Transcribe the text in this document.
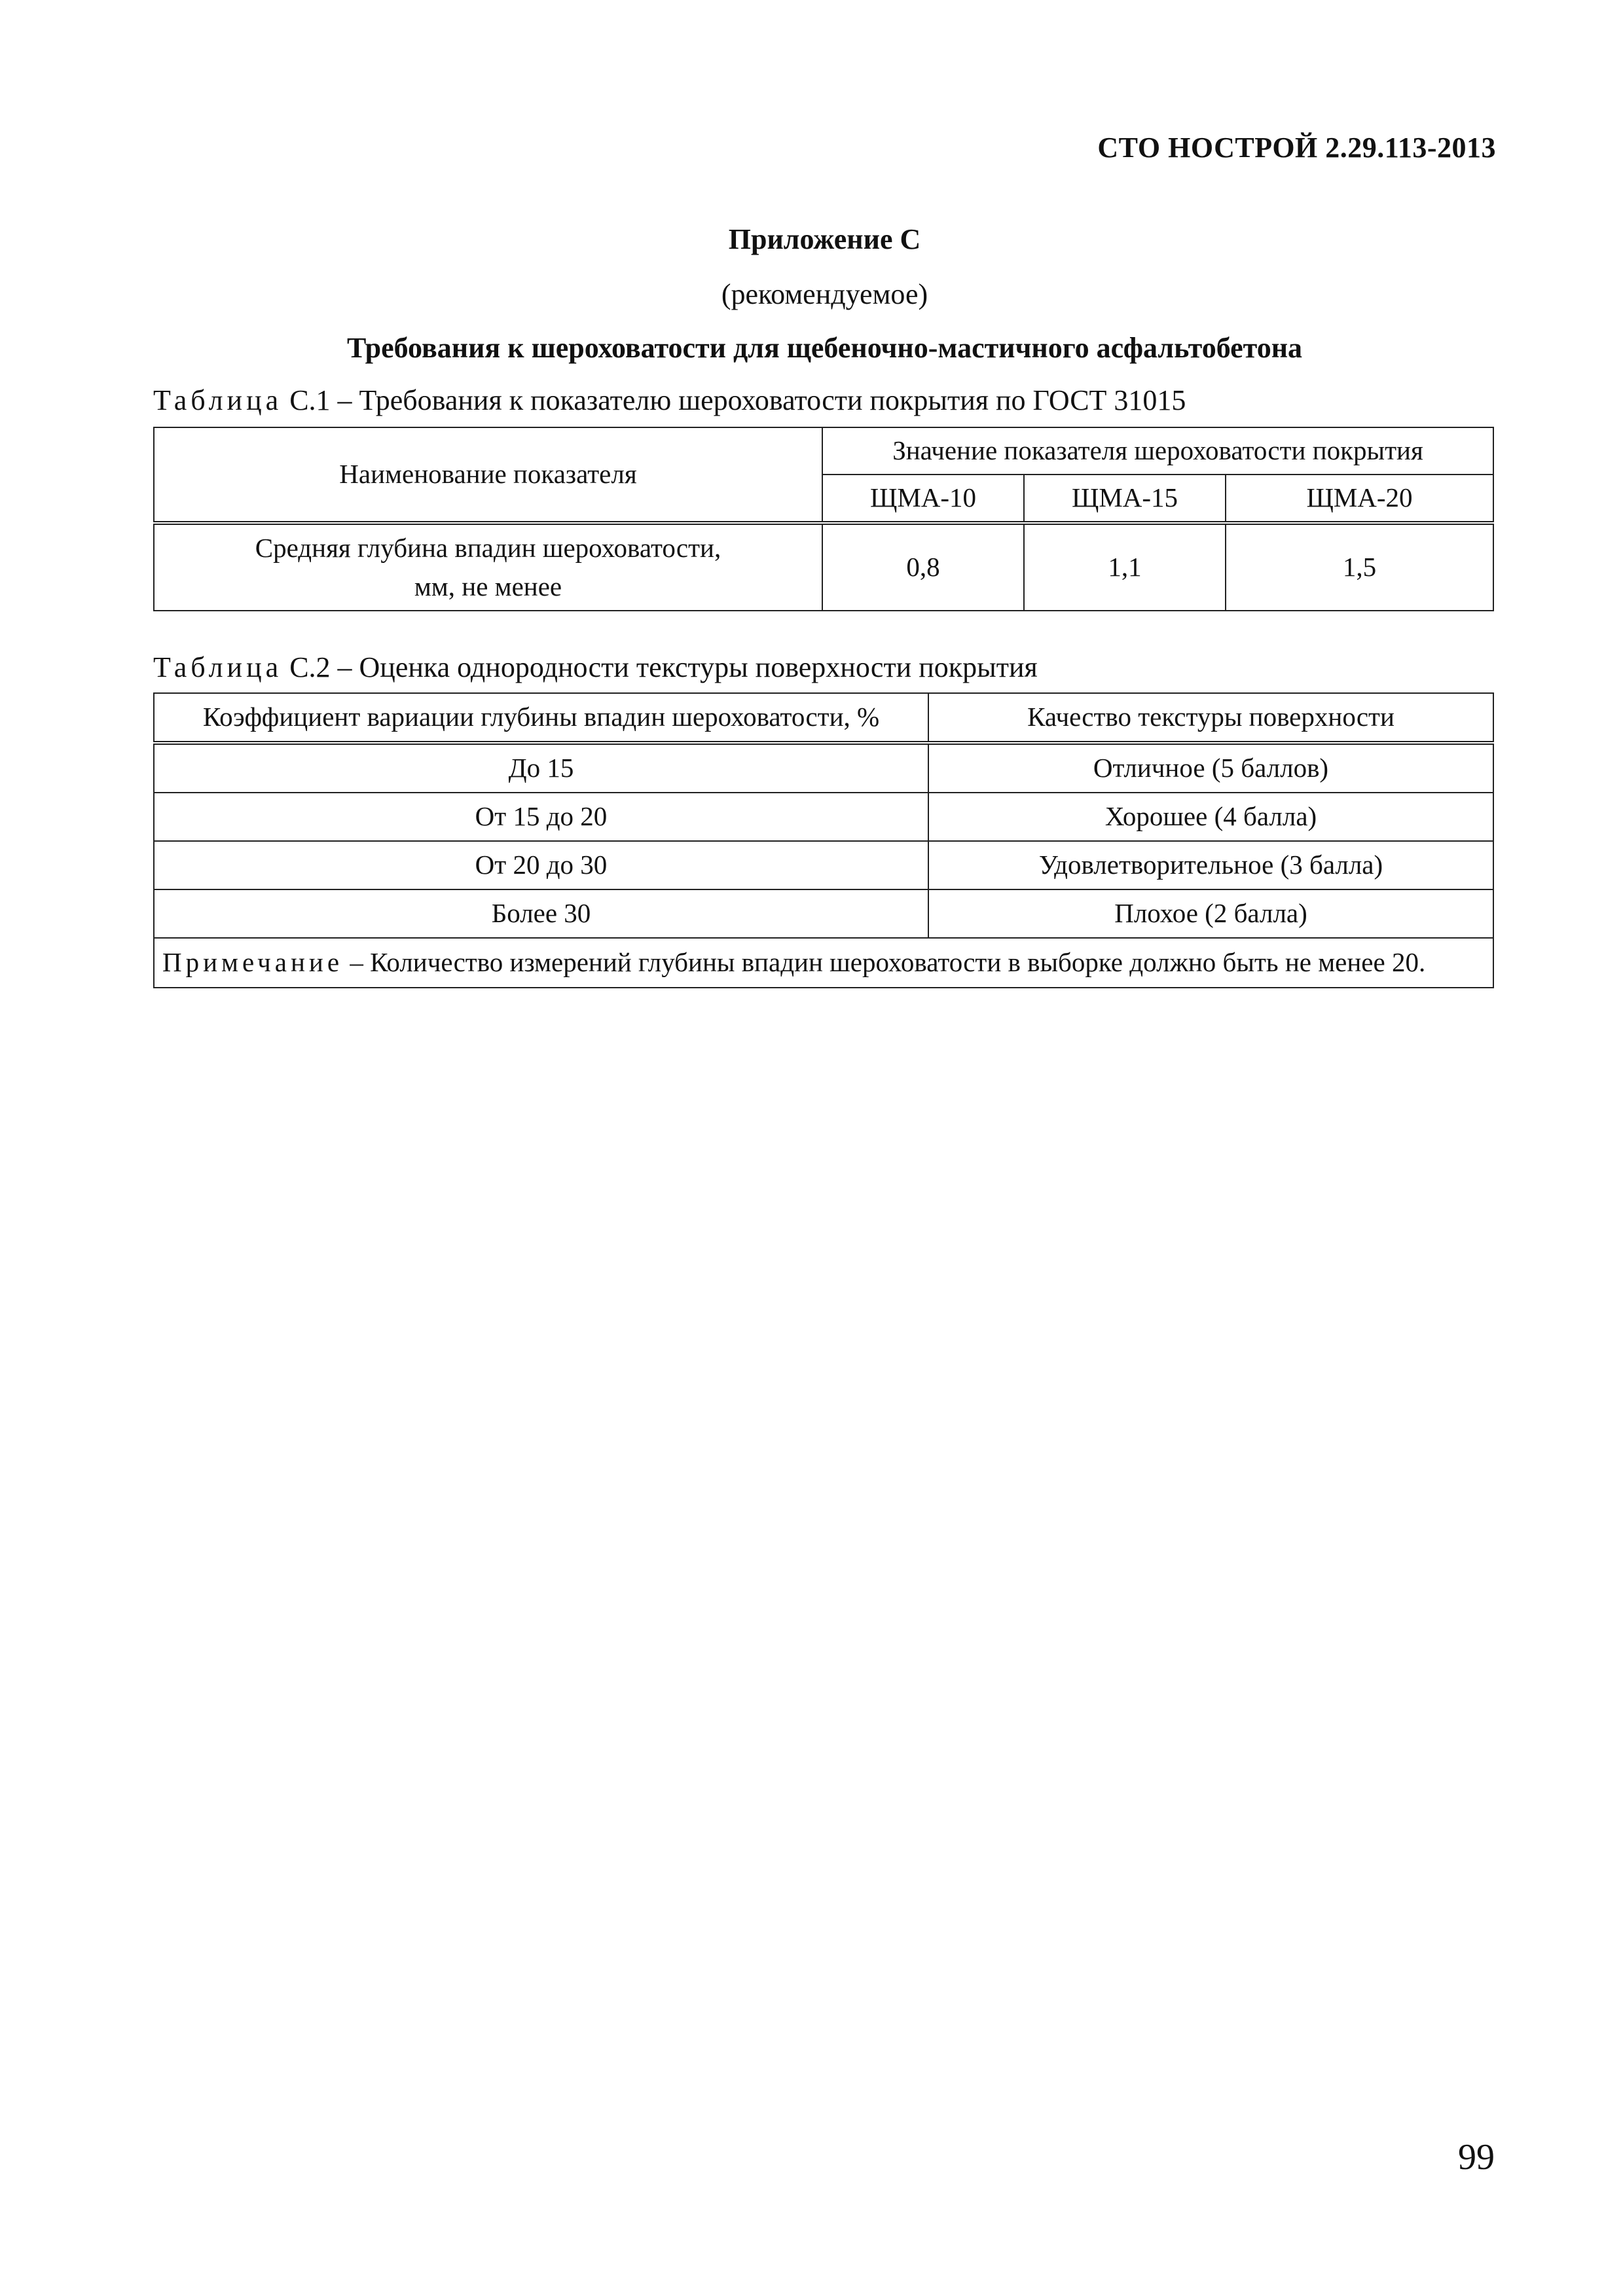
СТО НОСТРОЙ 2.29.113-2013
Приложение С
(рекомендуемое)
Требования к шероховатости для щебеночно-мастичного асфальтобетона
Таблица С.1 – Требования к показателю шероховатости покрытия по ГОСТ 31015
Наименование показателя	Значение показателя шероховатости покрытия		
	ЩМА-10	ЩМА-15	ЩМА-20

Средняя глубина впадин шероховатости,
мм, не менее	0,8	1,1	1,5
Таблица С.2 – Оценка однородности текстуры поверхности покрытия
Коэффициент вариации глубины впадин шероховатости, %	Качество текстуры поверхности
До 15	Отличное (5 баллов)
От 15 до 20	Хорошее (4 балла)
От 20 до 30	Удовлетворительное (3 балла)
Более 30	Плохое (2 балла)
Примечание – Количество измерений глубины впадин шероховатости в выборке должно быть не менее 20.	
99
